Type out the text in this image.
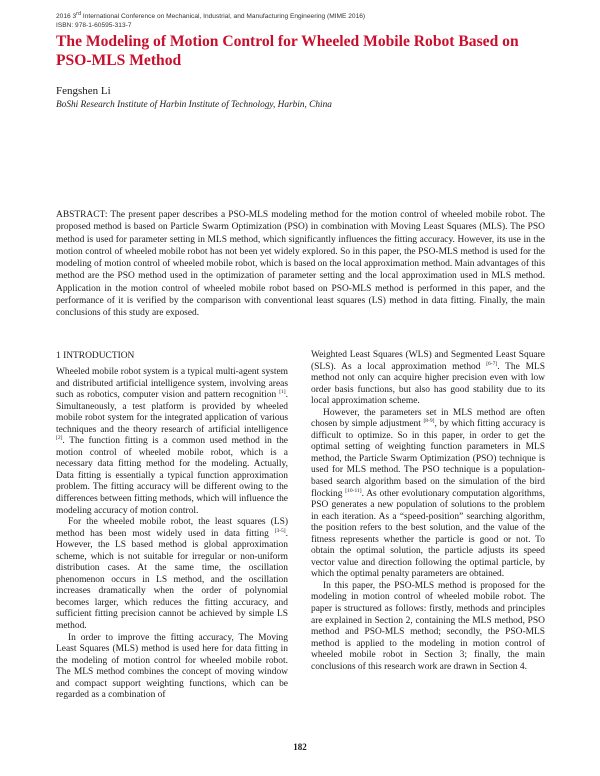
2016 3rd International Conference on Mechanical, Industrial, and Manufacturing Engineering (MIME 2016)
ISBN: 978-1-60595-313-7
The Modeling of Motion Control for Wheeled Mobile Robot Based on PSO-MLS Method
Fengshen Li
BoShi Research Institute of Harbin Institute of Technology, Harbin, China
ABSTRACT: The present paper describes a PSO-MLS modeling method for the motion control of wheeled mobile robot. The proposed method is based on Particle Swarm Optimization (PSO) in combination with Moving Least Squares (MLS). The PSO method is used for parameter setting in MLS method, which significantly influences the fitting accuracy. However, its use in the motion control of wheeled mobile robot has not been yet widely explored. So in this paper, the PSO-MLS method is used for the modeling of motion control of wheeled mobile robot, which is based on the local approximation method. Main advantages of this method are the PSO method used in the optimization of parameter setting and the local approximation used in MLS method. Application in the motion control of wheeled mobile robot based on PSO-MLS method is performed in this paper, and the performance of it is verified by the comparison with conventional least squares (LS) method in data fitting. Finally, the main conclusions of this study are exposed.
1 INTRODUCTION

Wheeled mobile robot system is a typical multi-agent system and distributed artificial intelligence system, involving areas such as robotics, computer vision and pattern recognition [1]. Simultaneously, a test platform is provided by wheeled mobile robot system for the integrated application of various techniques and the theory research of artificial intelligence [2]. The function fitting is a common used method in the motion control of wheeled mobile robot, which is a necessary data fitting method for the modeling. Actually, Data fitting is essentially a typical function approximation problem. The fitting accuracy will be different owing to the differences between fitting methods, which will influence the modeling accuracy of motion control.

For the wheeled mobile robot, the least squares (LS) method has been most widely used in data fitting [3-5]. However, the LS based method is global approximation scheme, which is not suitable for irregular or non-uniform distribution cases. At the same time, the oscillation phenomenon occurs in LS method, and the oscillation increases dramatically when the order of polynomial becomes larger, which reduces the fitting accuracy, and sufficient fitting precision cannot be achieved by simple LS method.

In order to improve the fitting accuracy, The Moving Least Squares (MLS) method is used here for data fitting in the modeling of motion control for wheeled mobile robot. The MLS method combines the concept of moving window and compact support weighting functions, which can be regarded as a combination of

Weighted Least Squares (WLS) and Segmented Least Square (SLS). As a local approximation method [6-7]. The MLS method not only can acquire higher precision even with low order basis functions, but also has good stability due to its local approximation scheme.

However, the parameters set in MLS method are often chosen by simple adjustment [8-9], by which fitting accuracy is difficult to optimize. So in this paper, in order to get the optimal setting of weighting function parameters in MLS method, the Particle Swarm Optimization (PSO) technique is used for MLS method. The PSO technique is a population-based search algorithm based on the simulation of the bird flocking [10-11]. As other evolutionary computation algorithms, PSO generates a new population of solutions to the problem in each iteration. As a “speed-position” searching algorithm, the position refers to the best solution, and the value of the fitness represents whether the particle is good or not. To obtain the optimal solution, the particle adjusts its speed vector value and direction following the optimal particle, by which the optimal penalty parameters are obtained.

In this paper, the PSO-MLS method is proposed for the modeling in motion control of wheeled mobile robot. The paper is structured as follows: firstly, methods and principles are explained in Section 2, containing the MLS method, PSO method and PSO-MLS method; secondly, the PSO-MLS method is applied to the modeling in motion control of wheeled mobile robot in Section 3; finally, the main conclusions of this research work are drawn in Section 4.

182
